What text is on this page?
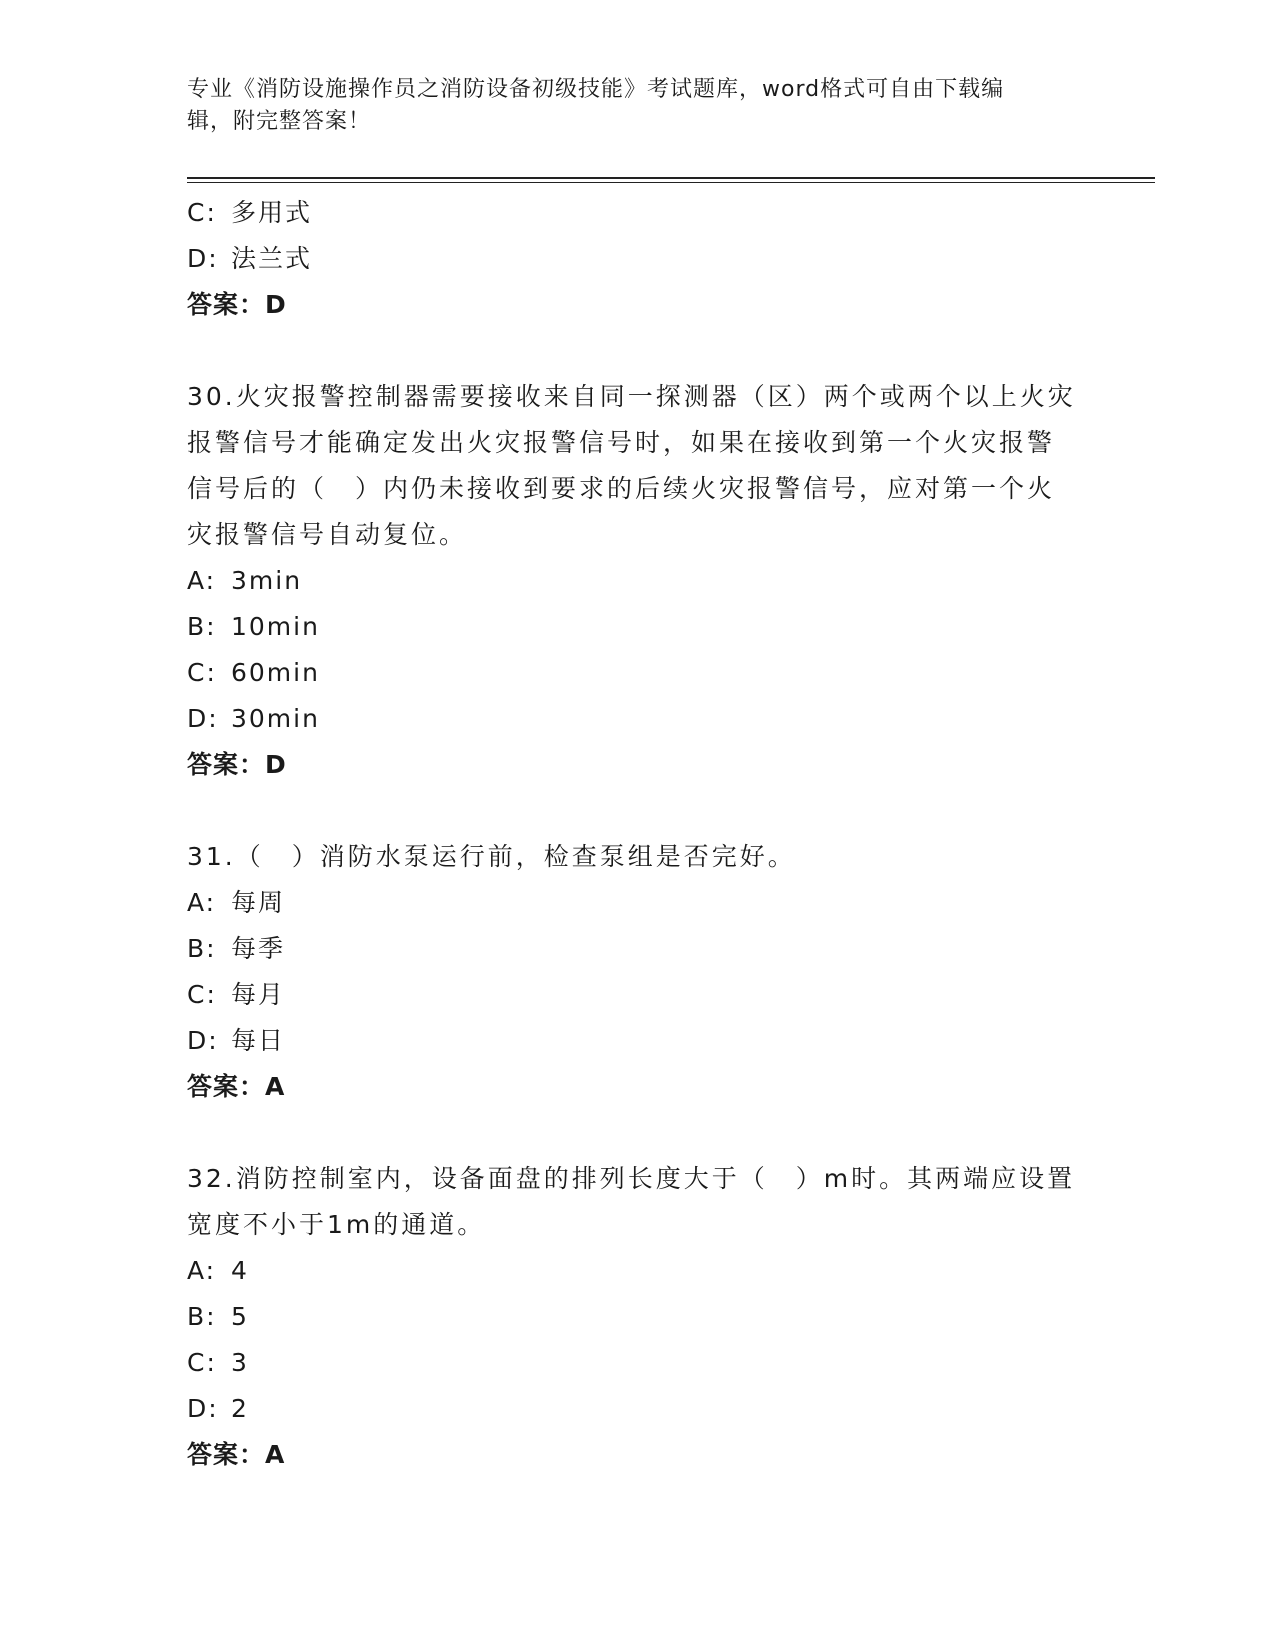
专业《消防设施操作员之消防设备初级技能》考试题库，word格式可自由下载编
辑，附完整答案！
C: 多用式
D: 法兰式
答案：D
30.火灾报警控制器需要接收来自同一探测器（区）两个或两个以上火灾报警信号才能确定发出火灾报警信号时，如果在接收到第一个火灾报警信号后的（　）内仍未接收到要求的后续火灾报警信号，应对第一个火灾报警信号自动复位。
A: 3min
B: 10min
C: 60min
D: 30min
答案：D
31.（　）消防水泵运行前，检查泵组是否完好。
A: 每周
B: 每季
C: 每月
D: 每日
答案：A
32.消防控制室内，设备面盘的排列长度大于（　）m时。其两端应设置宽度不小于1m的通道。
A: 4
B: 5
C: 3
D: 2
答案：A
